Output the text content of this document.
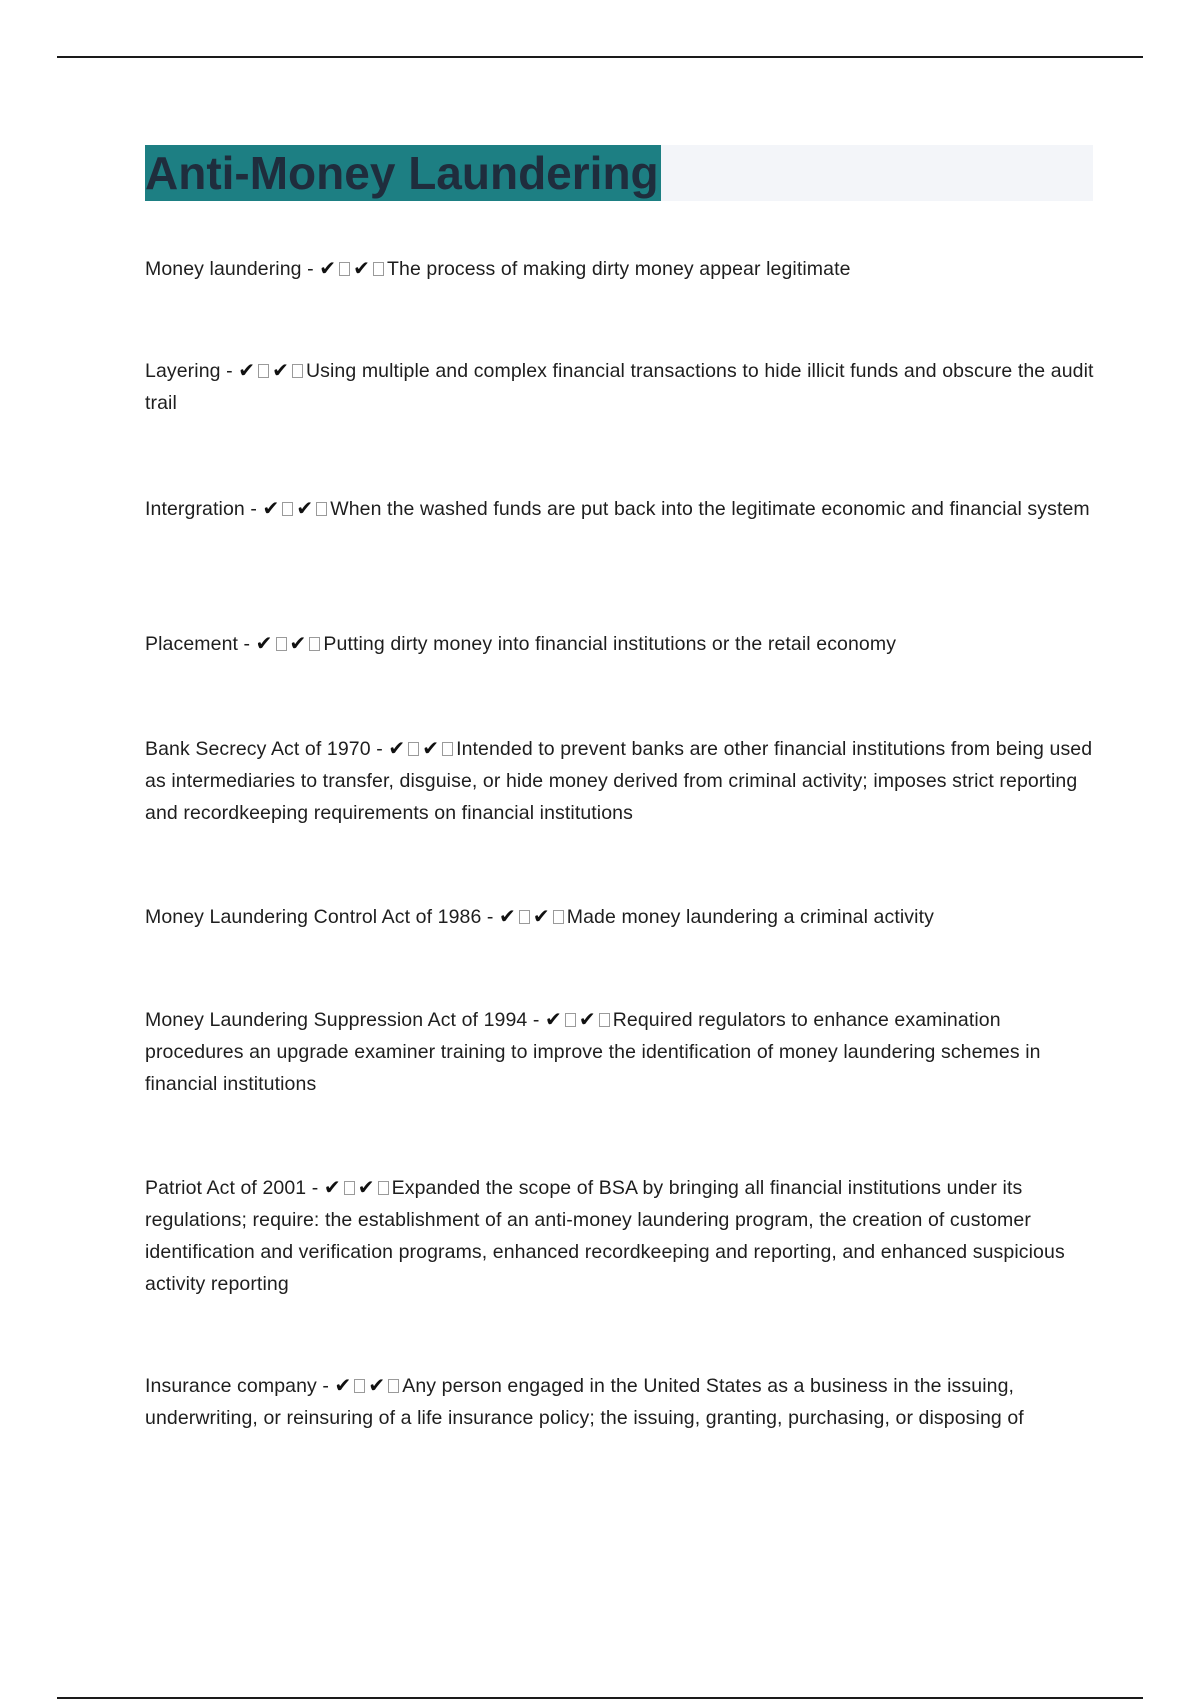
Anti-Money Laundering

Money laundering - ✔ ✔ The process of making dirty money appear legitimate

Layering - ✔ ✔ Using multiple and complex financial transactions to hide illicit funds and obscure the audit trail

Intergration - ✔ ✔ When the washed funds are put back into the legitimate economic and financial system

Placement - ✔ ✔ Putting dirty money into financial institutions or the retail economy

Bank Secrecy Act of 1970 - ✔ ✔ Intended to prevent banks are other financial institutions from being used as intermediaries to transfer, disguise, or hide money derived from criminal activity; imposes strict reporting and recordkeeping requirements on financial institutions

Money Laundering Control Act of 1986 - ✔ ✔ Made money laundering a criminal activity

Money Laundering Suppression Act of 1994 - ✔ ✔ Required regulators to enhance examination procedures an upgrade examiner training to improve the identification of money laundering schemes in financial institutions

Patriot Act of 2001 - ✔ ✔ Expanded the scope of BSA by bringing all financial institutions under its regulations; require: the establishment of an anti-money laundering program, the creation of customer identification and verification programs, enhanced recordkeeping and reporting, and enhanced suspicious activity reporting

Insurance company - ✔ ✔ Any person engaged in the United States as a business in the issuing, underwriting, or reinsuring of a life insurance policy; the issuing, granting, purchasing, or disposing of
